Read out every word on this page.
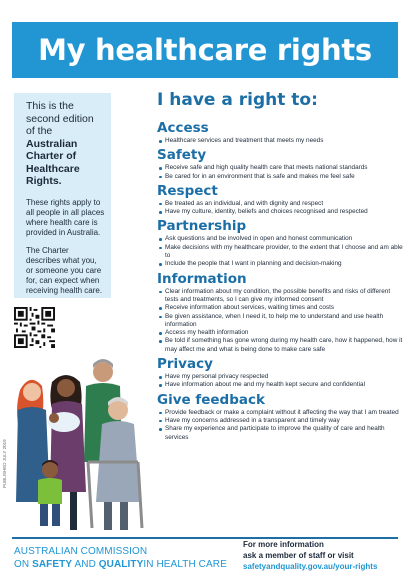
My healthcare rights

This is the second edition of the Australian Charter of Healthcare Rights.

These rights apply to all people in all places where health care is provided in Australia.

The Charter describes what you, or someone you care for, can expect when receiving health care.

PUBLISHED JULY 2019
I have a right to:
Access
Healthcare services and treatment that meets my needs
Safety
Receive safe and high quality health care that meets national standards
Be cared for in an environment that is safe and makes me feel safe
Respect
Be treated as an individual, and with dignity and respect
Have my culture, identity, beliefs and choices recognised and respected
Partnership
Ask questions and be involved in open and honest communication
Make decisions with my healthcare provider, to the extent that I choose and am able to
Include the people that I want in planning and decision-making
Information
Clear information about my condition, the possible benefits and risks of different tests and treatments, so I can give my informed consent
Receive information about services, waiting times and costs
Be given assistance, when I need it, to help me to understand and use health information
Access my health information
Be told if something has gone wrong during my health care, how it happened, how it may affect me and what is being done to make care safe
Privacy
Have my personal privacy respected
Have information about me and my health kept secure and confidential
Give feedback
Provide feedback or make a complaint without it affecting the way that I am treated
Have my concerns addressed in a transparent and timely way
Share my experience and participate to improve the quality of care and health services
AUSTRALIAN COMMISSION
ON SAFETY AND QUALITYIN HEALTH CARE
For more information
ask a member of staff or visit
safetyandquality.gov.au/your-rights
